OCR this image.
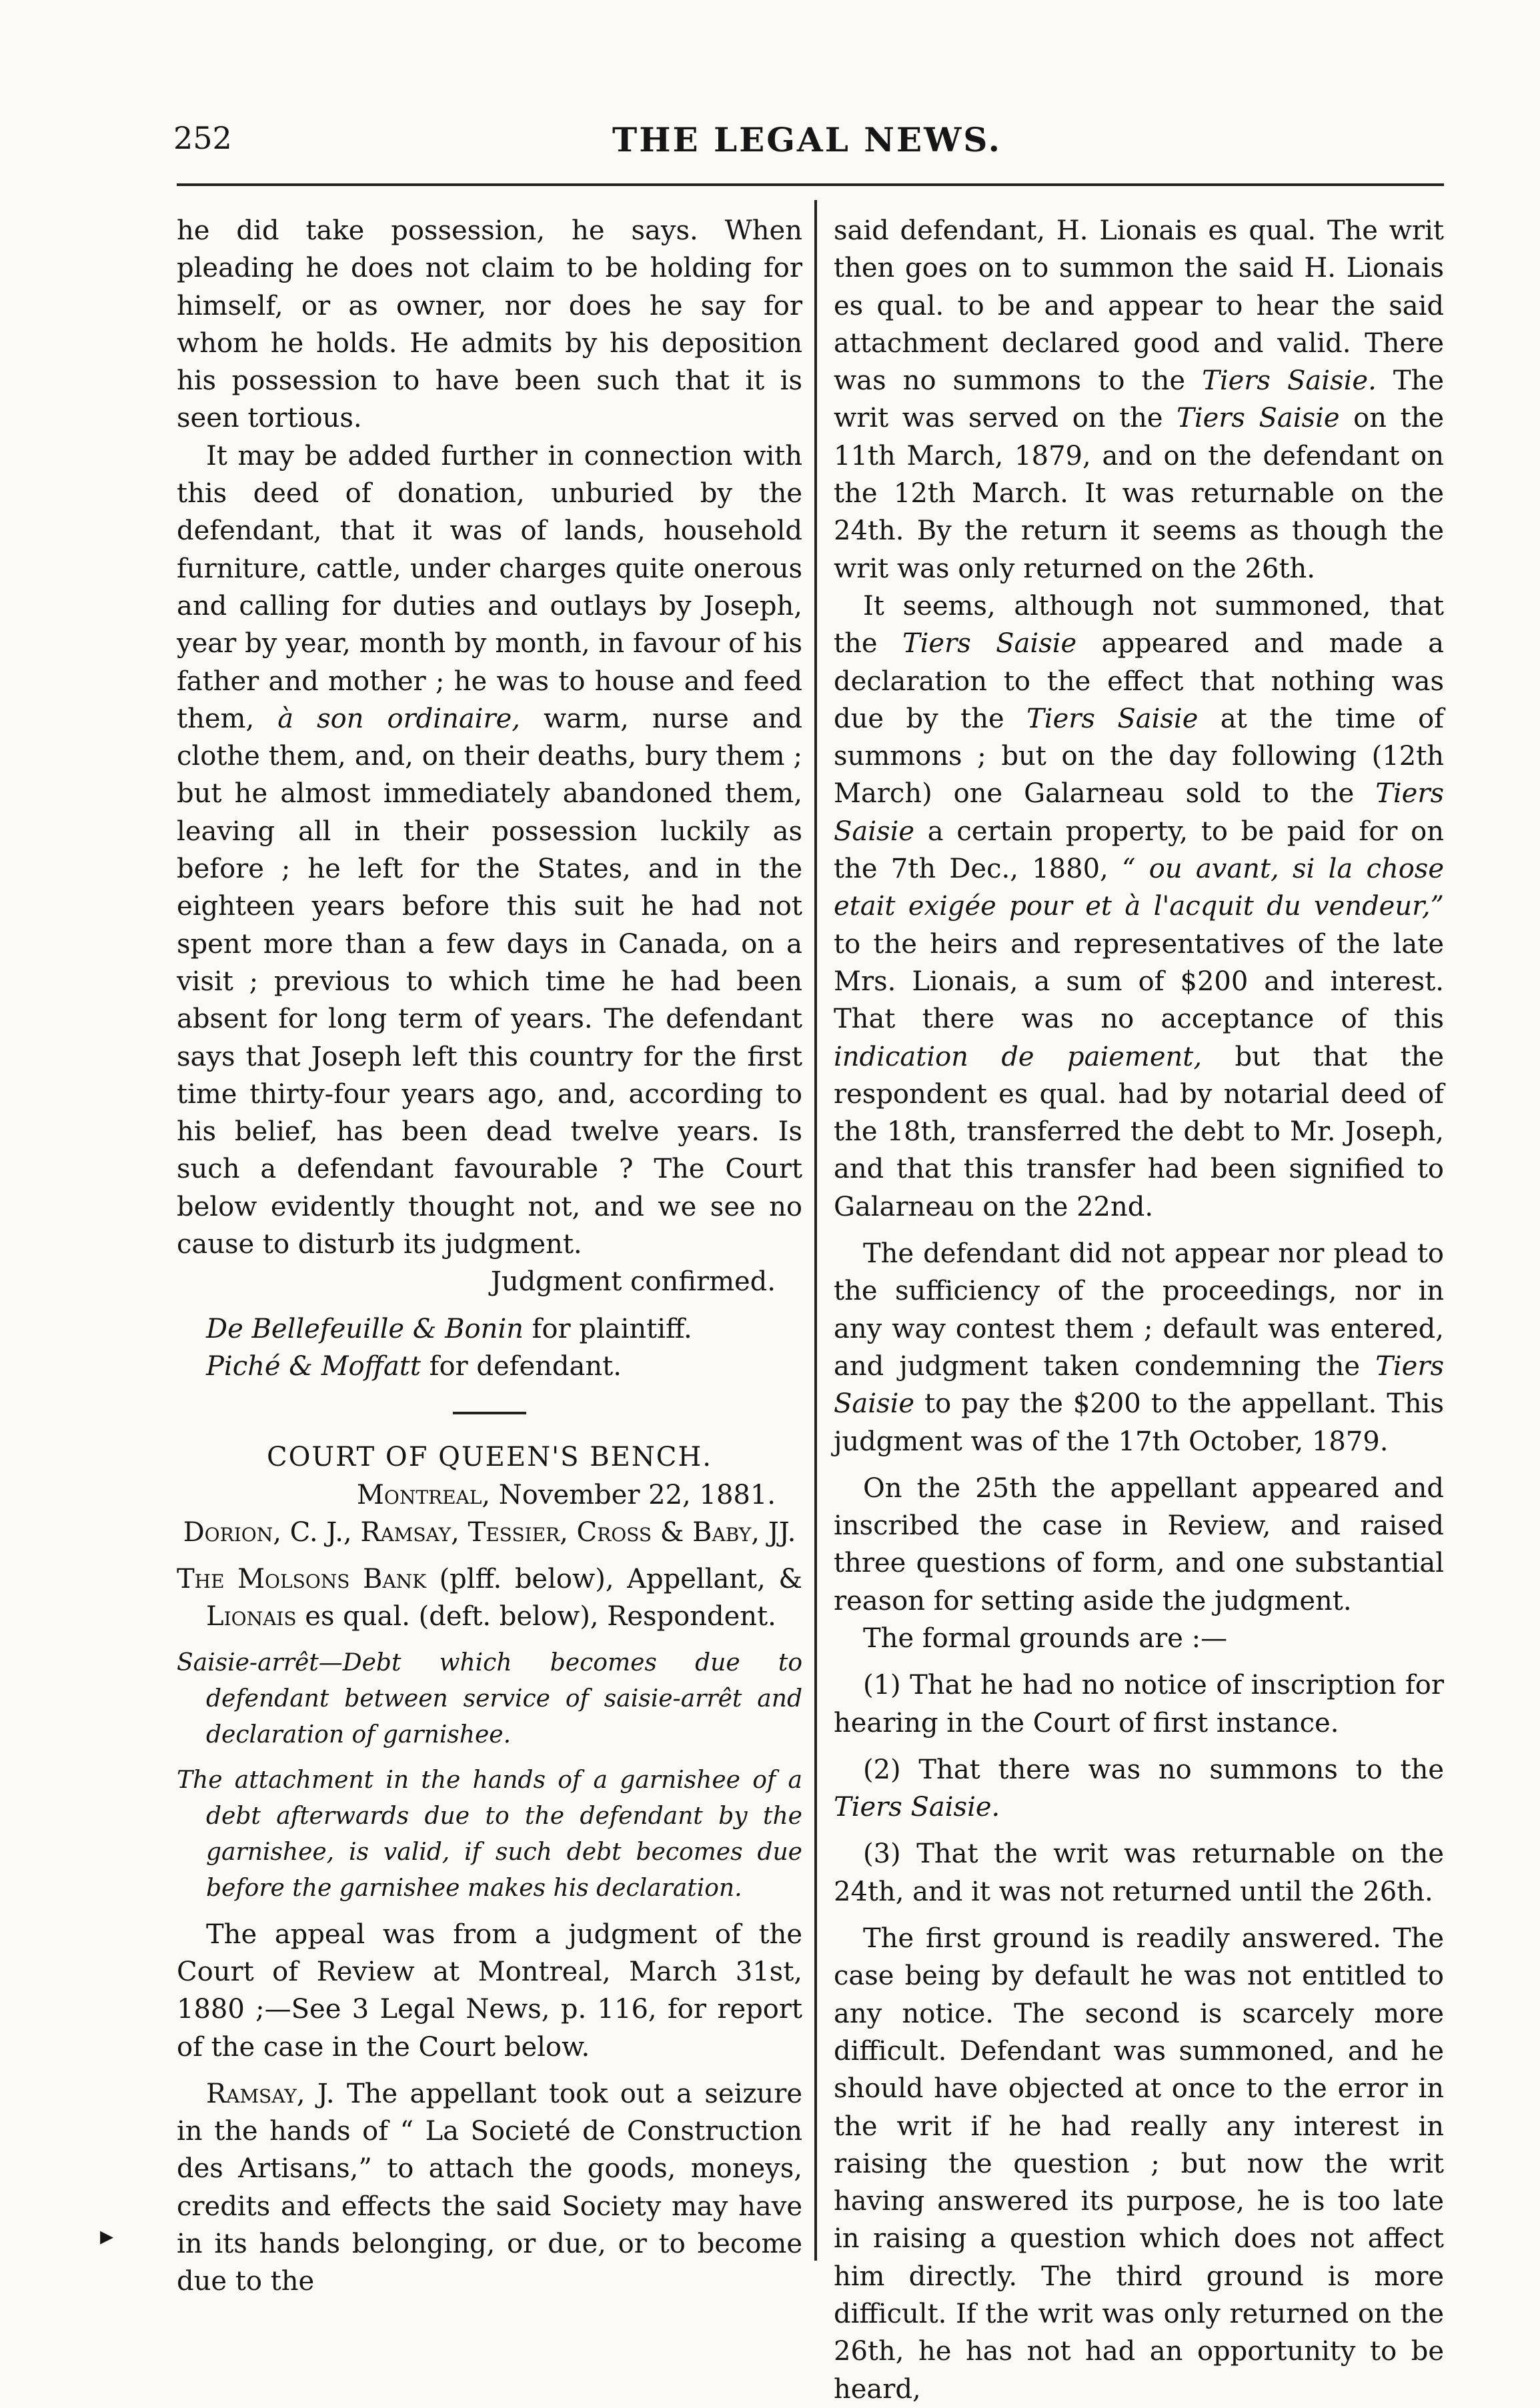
252	THE LEGAL NEWS.

he did take possession, he says. When pleading he does not claim to be holding for himself, or as owner, nor does he say for whom he holds. He admits by his deposition his possession to have been such that it is seen tortious.

It may be added further in connection with this deed of donation, unburied by the defendant, that it was of lands, household furniture, cattle, under charges quite onerous and calling for duties and outlays by Joseph, year by year, month by month, in favour of his father and mother ; he was to house and feed them, à son ordinaire, warm, nurse and clothe them, and, on their deaths, bury them ; but he almost immediately abandoned them, leaving all in their possession luckily as before ; he left for the States, and in the eighteen years before this suit he had not spent more than a few days in Canada, on a visit ; previous to which time he had been absent for long term of years. The defendant says that Joseph left this country for the first time thirty-four years ago, and, according to his belief, has been dead twelve years. Is such a defendant favourable ? The Court below evidently thought not, and we see no cause to disturb its judgment.

Judgment confirmed.

De Bellefeuille & Bonin for plaintiff.

Piché & Moffatt for defendant.

COURT OF QUEEN'S BENCH.

Montreal, November 22, 1881.

Dorion, C. J., Ramsay, Tessier, Cross & Baby, JJ.

The Molsons Bank (plff. below), Appellant, & Lionais es qual. (deft. below), Respondent.

Saisie-arrêt—Debt which becomes due to defendant between service of saisie-arrêt and declaration of garnishee.

The attachment in the hands of a garnishee of a debt afterwards due to the defendant by the garnishee, is valid, if such debt becomes due before the garnishee makes his declaration.

The appeal was from a judgment of the Court of Review at Montreal, March 31st, 1880 ;—See 3 Legal News, p. 116, for report of the case in the Court below.

Ramsay, J. The appellant took out a seizure in the hands of “ La Societé de Construction des Artisans,” to attach the goods, moneys, credits and effects the said Society may have in its hands belonging, or due, or to become due to the

said defendant, H. Lionais es qual. The writ then goes on to summon the said H. Lionais es qual. to be and appear to hear the said attachment declared good and valid. There was no summons to the Tiers Saisie. The writ was served on the Tiers Saisie on the 11th March, 1879, and on the defendant on the 12th March. It was returnable on the 24th. By the return it seems as though the writ was only returned on the 26th.

It seems, although not summoned, that the Tiers Saisie appeared and made a declaration to the effect that nothing was due by the Tiers Saisie at the time of summons ; but on the day following (12th March) one Galarneau sold to the Tiers Saisie a certain property, to be paid for on the 7th Dec., 1880, “ ou avant, si la chose etait exigée pour et à l'acquit du vendeur,” to the heirs and representatives of the late Mrs. Lionais, a sum of $200 and interest. That there was no acceptance of this indication de paiement, but that the respondent es qual. had by notarial deed of the 18th, transferred the debt to Mr. Joseph, and that this transfer had been signified to Galarneau on the 22nd.

The defendant did not appear nor plead to the sufficiency of the proceedings, nor in any way contest them ; default was entered, and judgment taken condemning the Tiers Saisie to pay the $200 to the appellant. This judgment was of the 17th October, 1879.

On the 25th the appellant appeared and inscribed the case in Review, and raised three questions of form, and one substantial reason for setting aside the judgment.

The formal grounds are :—

(1) That he had no notice of inscription for hearing in the Court of first instance.

(2) That there was no summons to the Tiers Saisie.

(3) That the writ was returnable on the 24th, and it was not returned until the 26th.

The first ground is readily answered. The case being by default he was not entitled to any notice. The second is scarcely more difficult. Defendant was summoned, and he should have objected at once to the error in the writ if he had really any interest in raising the question ; but now the writ having answered its purpose, he is too late in raising a question which does not affect him directly. The third ground is more difficult. If the writ was only returned on the 26th, he has not had an opportunity to be heard,

▸
